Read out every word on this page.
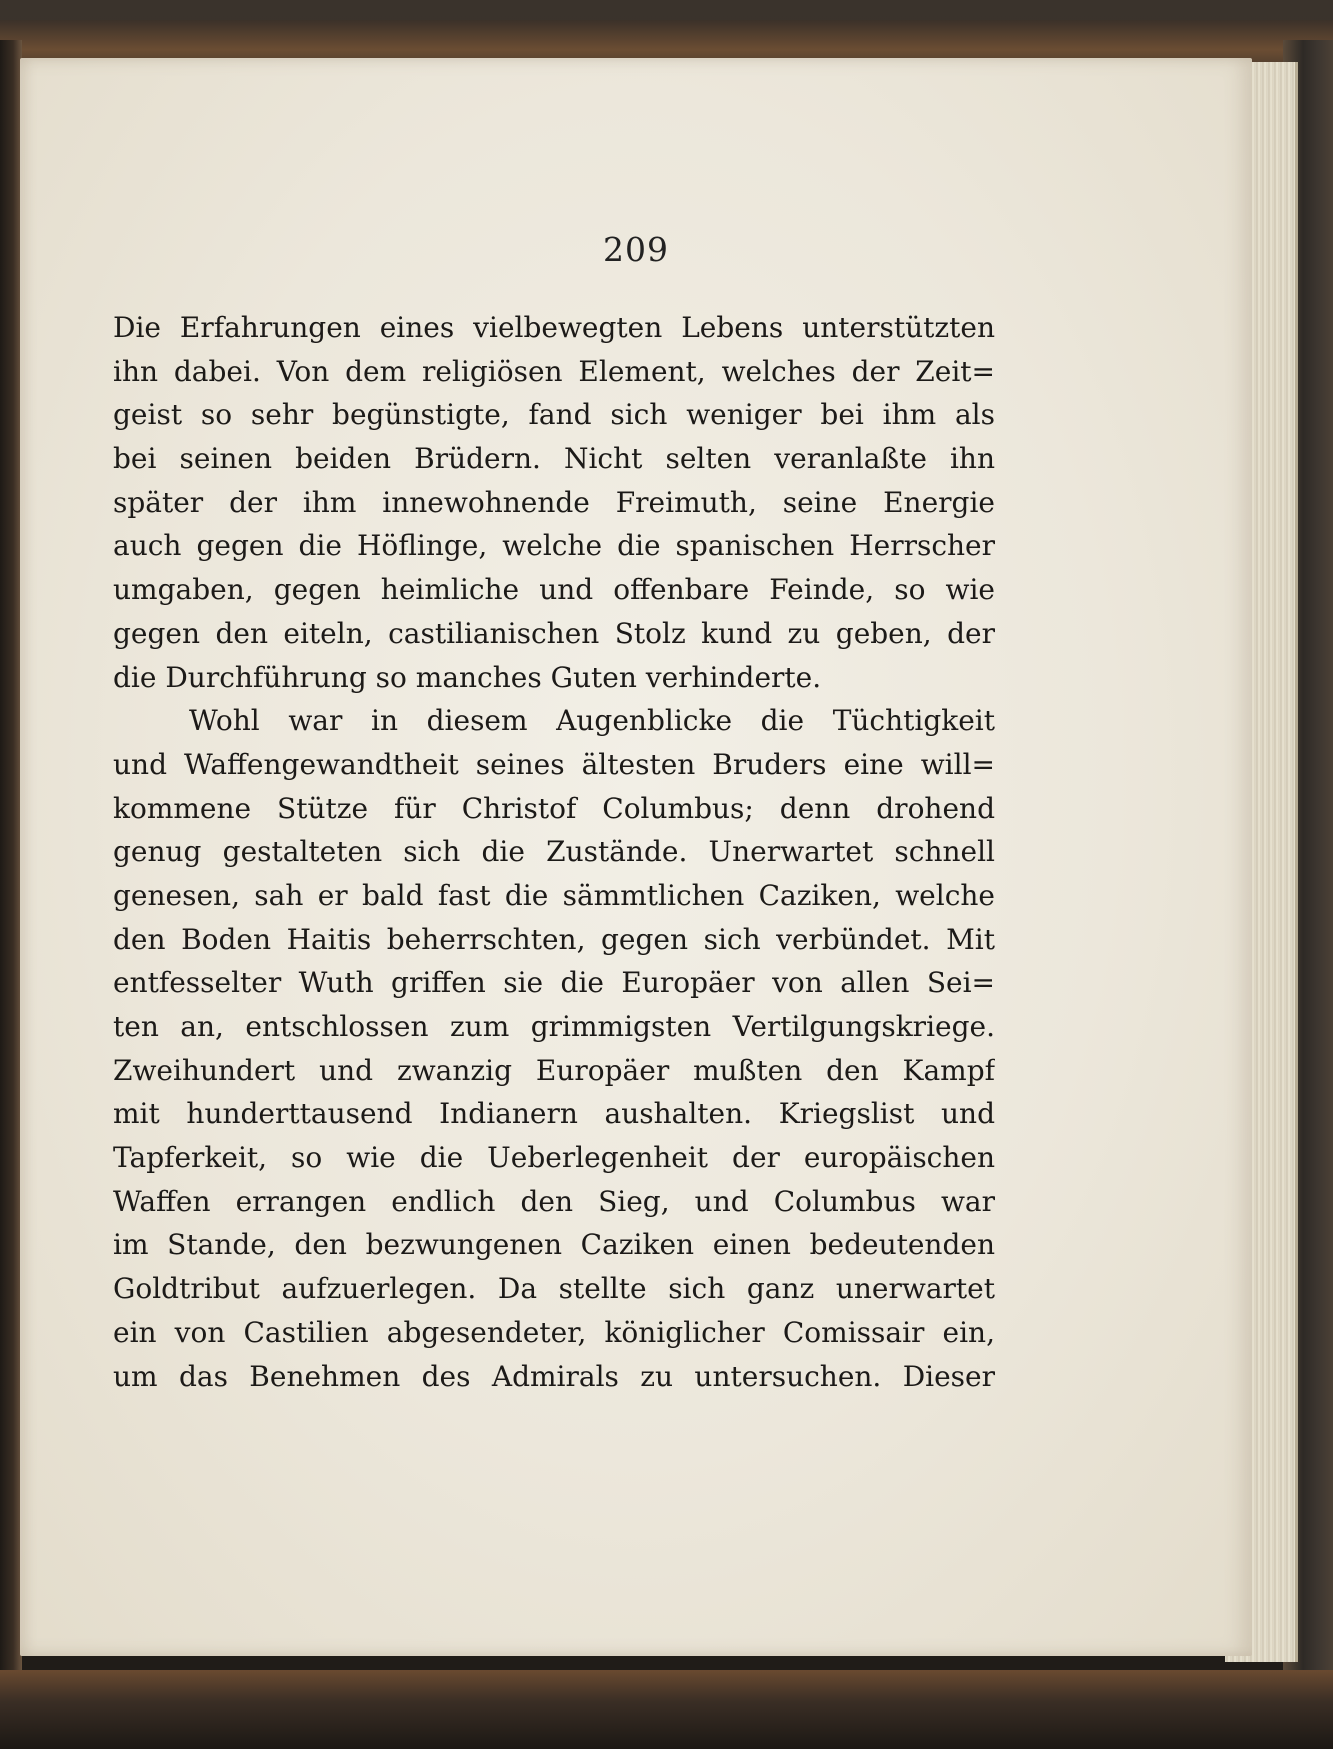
209
Die Erfahrungen eines vielbewegten Lebens unterstützten
ihn dabei. Von dem religiösen Element, welches der Zeit=
geist so sehr begünstigte, fand sich weniger bei ihm als
bei seinen beiden Brüdern. Nicht selten veranlaßte ihn
später der ihm innewohnende Freimuth, seine Energie
auch gegen die Höflinge, welche die spanischen Herrscher
umgaben, gegen heimliche und offenbare Feinde, so wie
gegen den eiteln, castilianischen Stolz kund zu geben, der
die Durchführung so manches Guten verhinderte.
Wohl war in diesem Augenblicke die Tüchtigkeit
und Waffengewandtheit seines ältesten Bruders eine will=
kommene Stütze für Christof Columbus; denn drohend
genug gestalteten sich die Zustände. Unerwartet schnell
genesen, sah er bald fast die sämmtlichen Caziken, welche
den Boden Haitis beherrschten, gegen sich verbündet. Mit
entfesselter Wuth griffen sie die Europäer von allen Sei=
ten an, entschlossen zum grimmigsten Vertilgungskriege.
Zweihundert und zwanzig Europäer mußten den Kampf
mit hunderttausend Indianern aushalten. Kriegslist und
Tapferkeit, so wie die Ueberlegenheit der europäischen
Waffen errangen endlich den Sieg, und Columbus war
im Stande, den bezwungenen Caziken einen bedeutenden
Goldtribut aufzuerlegen. Da stellte sich ganz unerwartet
ein von Castilien abgesendeter, königlicher Comissair ein,
um das Benehmen des Admirals zu untersuchen. Dieser
